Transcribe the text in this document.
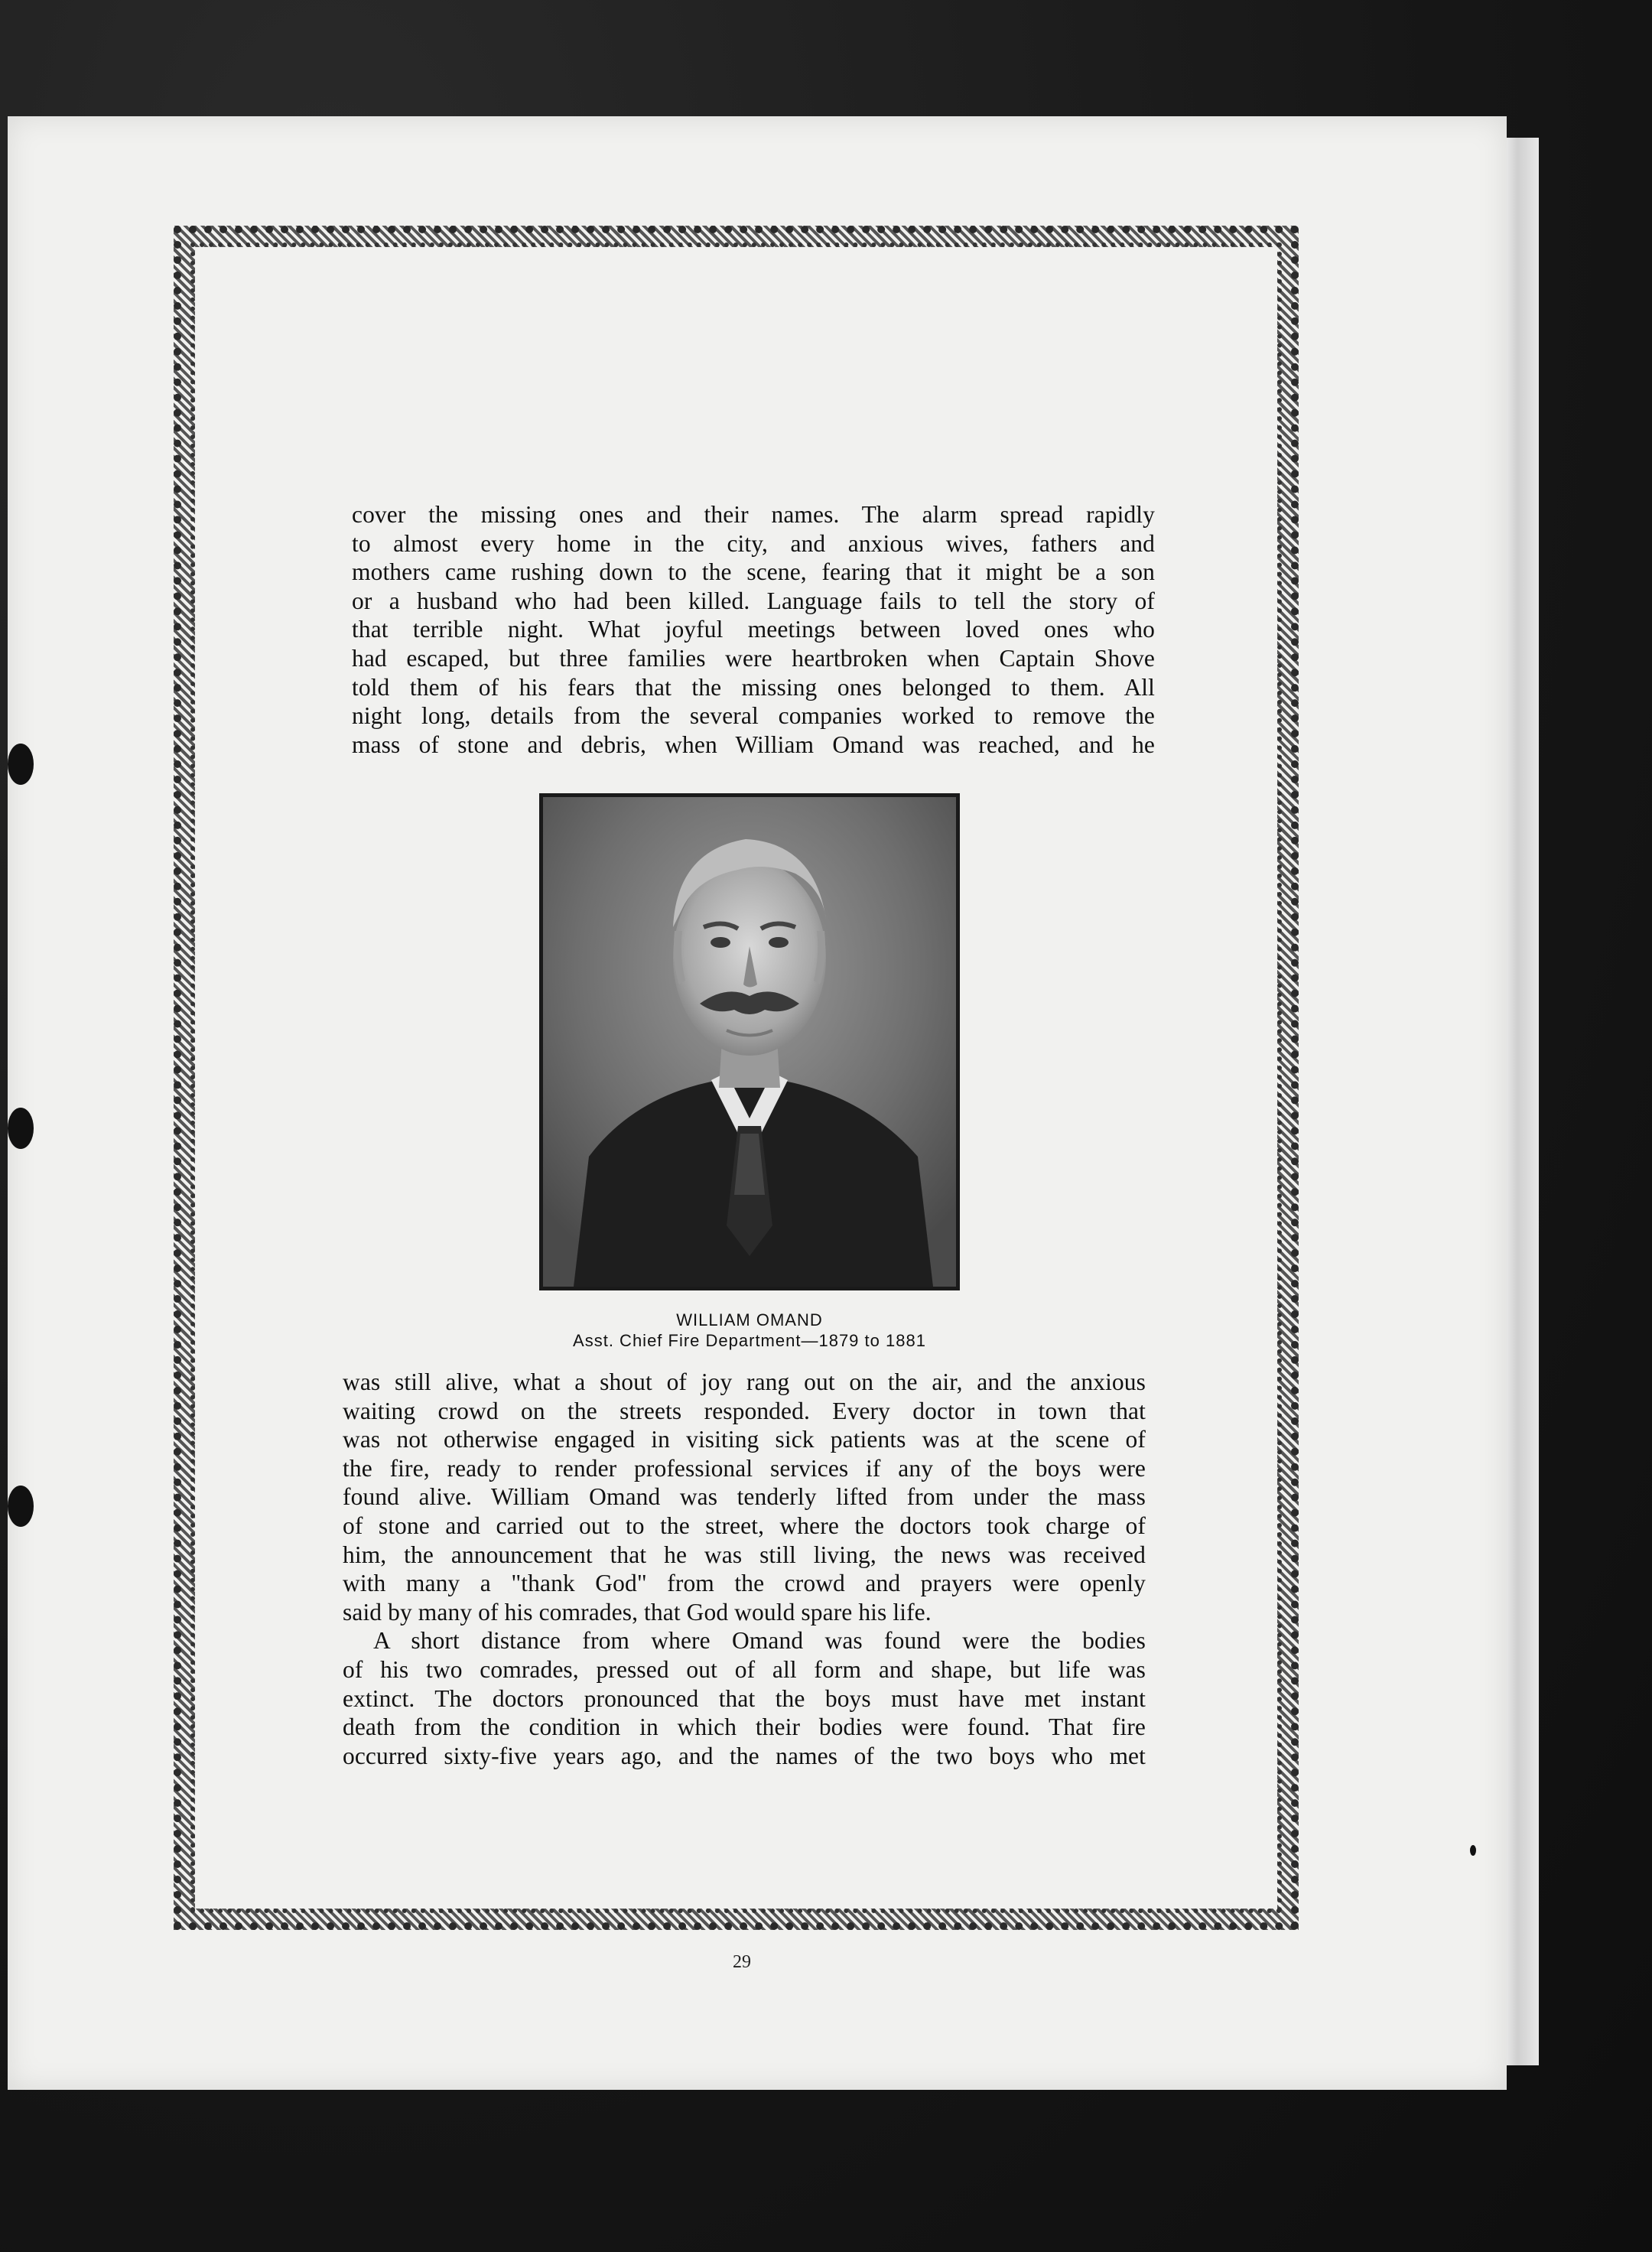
cover the missing ones and their names. The alarm spread rapidly

to almost every home in the city, and anxious wives, fathers and

mothers came rushing down to the scene, fearing that it might be a son

or a husband who had been killed. Language fails to tell the story of

that terrible night. What joyful meetings between loved ones who

had escaped, but three families were heartbroken when Captain Shove

told them of his fears that the missing ones belonged to them. All

night long, details from the several companies worked to remove the

mass of stone and debris, when William Omand was reached, and he

WILLIAM OMAND
Asst. Chief Fire Department—1879 to 1881

was still alive, what a shout of joy rang out on the air, and the anxious

waiting crowd on the streets responded. Every doctor in town that

was not otherwise engaged in visiting sick patients was at the scene of

the fire, ready to render professional services if any of the boys were

found alive. William Omand was tenderly lifted from under the mass

of stone and carried out to the street, where the doctors took charge of

him, the announcement that he was still living, the news was received

with many a "thank God" from the crowd and prayers were openly

said by many of his comrades, that God would spare his life.

A short distance from where Omand was found were the bodies

of his two comrades, pressed out of all form and shape, but life was

extinct. The doctors pronounced that the boys must have met instant

death from the condition in which their bodies were found. That fire

occurred sixty-five years ago, and the names of the two boys who met

29
